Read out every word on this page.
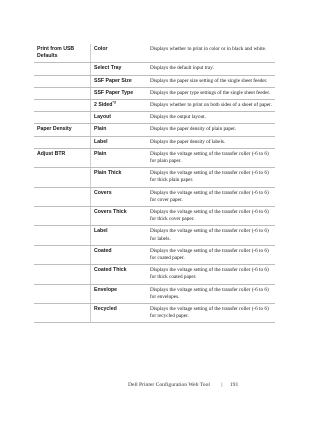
Print from USB Defaults	Color	Displays whether to print in color or in black and white.
	Select Tray	Displays the default input tray.
	SSF Paper Size	Displays the paper size setting of the single sheet feeder.
	SSF Paper Type	Displays the paper type settings of the single sheet feeder.
	2 Sided$^{*3}$	Displays whether to print on both sides of a sheet of paper.
	Layout	Displays the output layout.
Paper Density	Plain	Displays the paper density of plain paper.
	Label	Displays the paper density of labels.
Adjust BTR	Plain	Displays the voltage setting of the transfer roller (-6 to 6) for plain paper.
	Plain Thick	Displays the voltage setting of the transfer roller (-6 to 6) for thick plain paper.
	Covers	Displays the voltage setting of the transfer roller (-6 to 6) for cover paper.
	Covers Thick	Displays the voltage setting of the transfer roller (-6 to 6) for thick cover paper.
	Label	Displays the voltage setting of the transfer roller (-6 to 6) for labels.
	Coated	Displays the voltage setting of the transfer roller (-6 to 6) for coated paper.
	Coated Thick	Displays the voltage setting of the transfer roller (-6 to 6) for thick coated paper.
	Envelope	Displays the voltage setting of the transfer roller (-6 to 6) for envelopes.
	Recycled	Displays the voltage setting of the transfer roller (-6 to 6) for recycled paper.
Dell Printer Configuration Web Tool | 191
